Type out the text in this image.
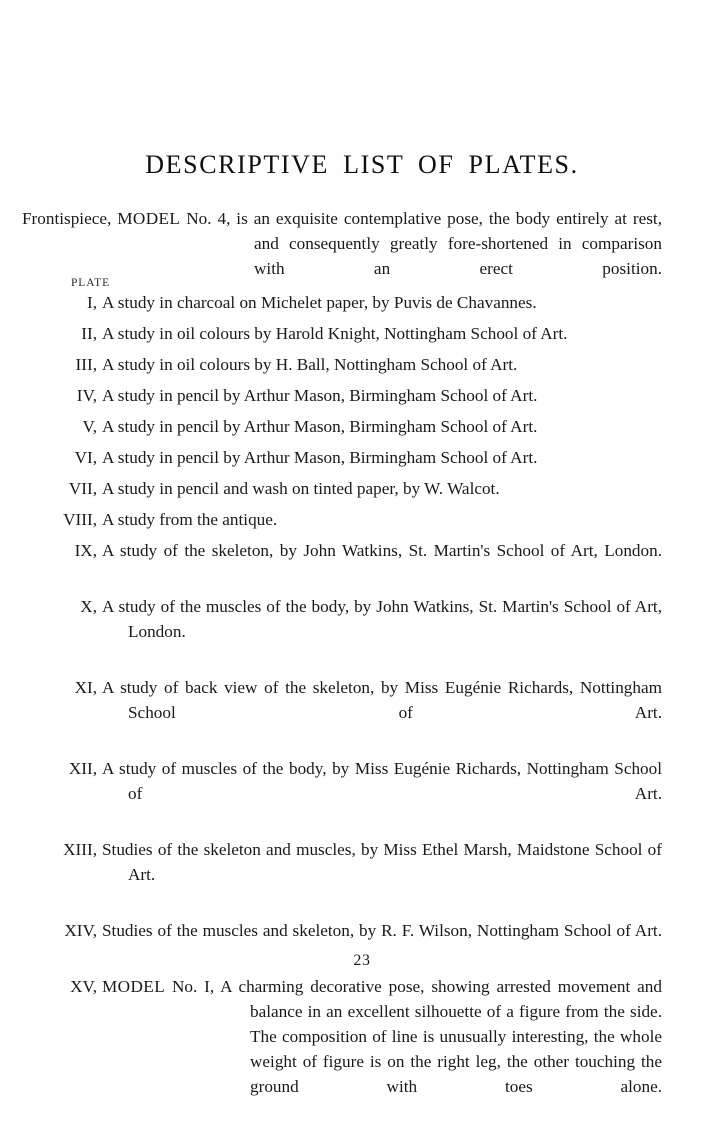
DESCRIPTIVE LIST OF PLATES.

Frontispiece, MODEL No. 4, is an exquisite contemplative pose, the body entirely at rest, and consequently greatly fore-shortened in comparison with an erect position.

PLATE
I, A study in charcoal on Michelet paper, by Puvis de Chavannes.
II, A study in oil colours by Harold Knight, Nottingham School of Art.
III, A study in oil colours by H. Ball, Nottingham School of Art.
IV, A study in pencil by Arthur Mason, Birmingham School of Art.
V, A study in pencil by Arthur Mason, Birmingham School of Art.
VI, A study in pencil by Arthur Mason, Birmingham School of Art.
VII, A study in pencil and wash on tinted paper, by W. Walcot.
VIII, A study from the antique.
IX, A study of the skeleton, by John Watkins, St. Martin's School of Art, London.
X, A study of the muscles of the body, by John Watkins, St. Martin's School of Art, London.
XI, A study of back view of the skeleton, by Miss Eugénie Richards, Nottingham School of Art.
XII, A study of muscles of the body, by Miss Eugénie Richards, Nottingham School of Art.
XIII, Studies of the skeleton and muscles, by Miss Ethel Marsh, Maidstone School of Art.
XIV, Studies of the muscles and skeleton, by R. F. Wilson, Nottingham School of Art.
XV, MODEL No. I, A charming decorative pose, showing arrested movement and balance in an excellent silhouette of a figure from the side. The composition of line is unusually interesting, the whole weight of figure is on the right leg, the other touching the ground with toes alone.
23
